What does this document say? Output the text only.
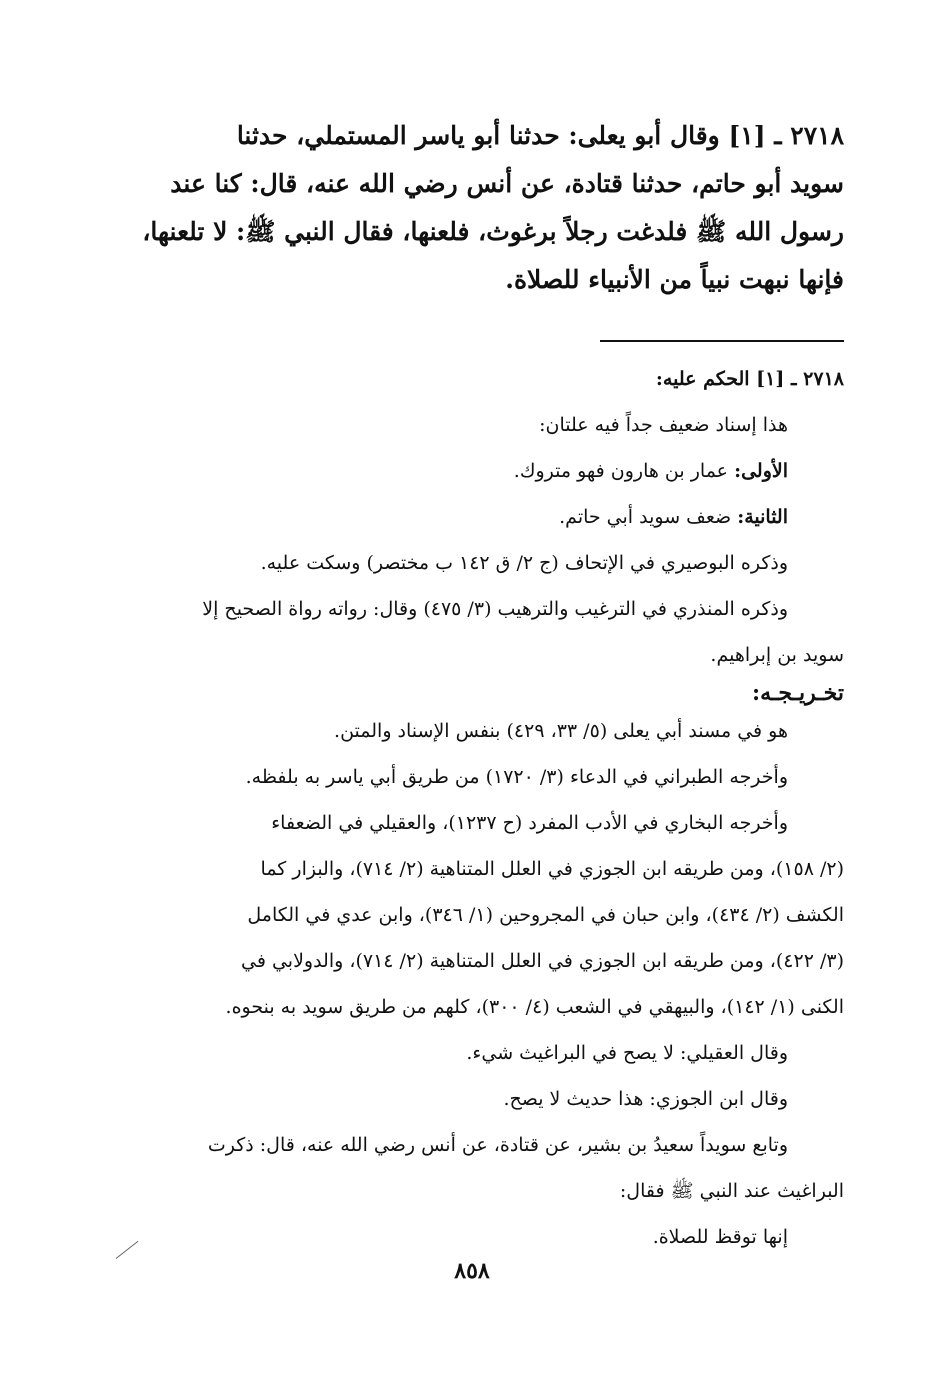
٢٧١٨ ـ [١] وقال أبو يعلى: حدثنا أبو ياسر المستملي، حدثنا

سويد أبو حاتم، حدثنا قتادة، عن أنس رضي الله عنه، قال: كنا عند

رسول الله ﷺ فلدغت رجلاً برغوث، فلعنها، فقال النبي ﷺ: لا تلعنها،

فإنها نبهت نبياً من الأنبياء للصلاة.

٢٧١٨ ـ [١] الحكم عليه:

هذا إسناد ضعيف جداً فيه علتان:

الأولى: عمار بن هارون فهو متروك.

الثانية: ضعف سويد أبي حاتم.

وذكره البوصيري في الإتحاف (ج ٢/ ق ١٤٢ ب مختصر) وسكت عليه.

وذكره المنذري في الترغيب والترهيب (٣/ ٤٧٥) وقال: رواته رواة الصحيح إلا

سويد بن إبراهيم.

تخـريـجـه:

هو في مسند أبي يعلى (٥/ ٣٣، ٤٢٩) بنفس الإسناد والمتن.

وأخرجه الطبراني في الدعاء (٣/ ١٧٢٠) من طريق أبي ياسر به بلفظه.

وأخرجه البخاري في الأدب المفرد (ح ١٢٣٧)، والعقيلي في الضعفاء

(٢/ ١٥٨)، ومن طريقه ابن الجوزي في العلل المتناهية (٢/ ٧١٤)، والبزار كما

الكشف (٢/ ٤٣٤)، وابن حبان في المجروحين (١/ ٣٤٦)، وابن عدي في الكامل

(٣/ ٤٢٢)، ومن طريقه ابن الجوزي في العلل المتناهية (٢/ ٧١٤)، والدولابي في

الكنى (١/ ١٤٢)، والبيهقي في الشعب (٤/ ٣٠٠)، كلهم من طريق سويد به بنحوه.

وقال العقيلي: لا يصح في البراغيث شيء.

وقال ابن الجوزي: هذا حديث لا يصح.

وتابع سويداً سعيدُ بن بشير، عن قتادة، عن أنس رضي الله عنه، قال: ذكرت

البراغيث عند النبي ﷺ فقال:

إنها توقظ للصلاة.

٨٥٨
